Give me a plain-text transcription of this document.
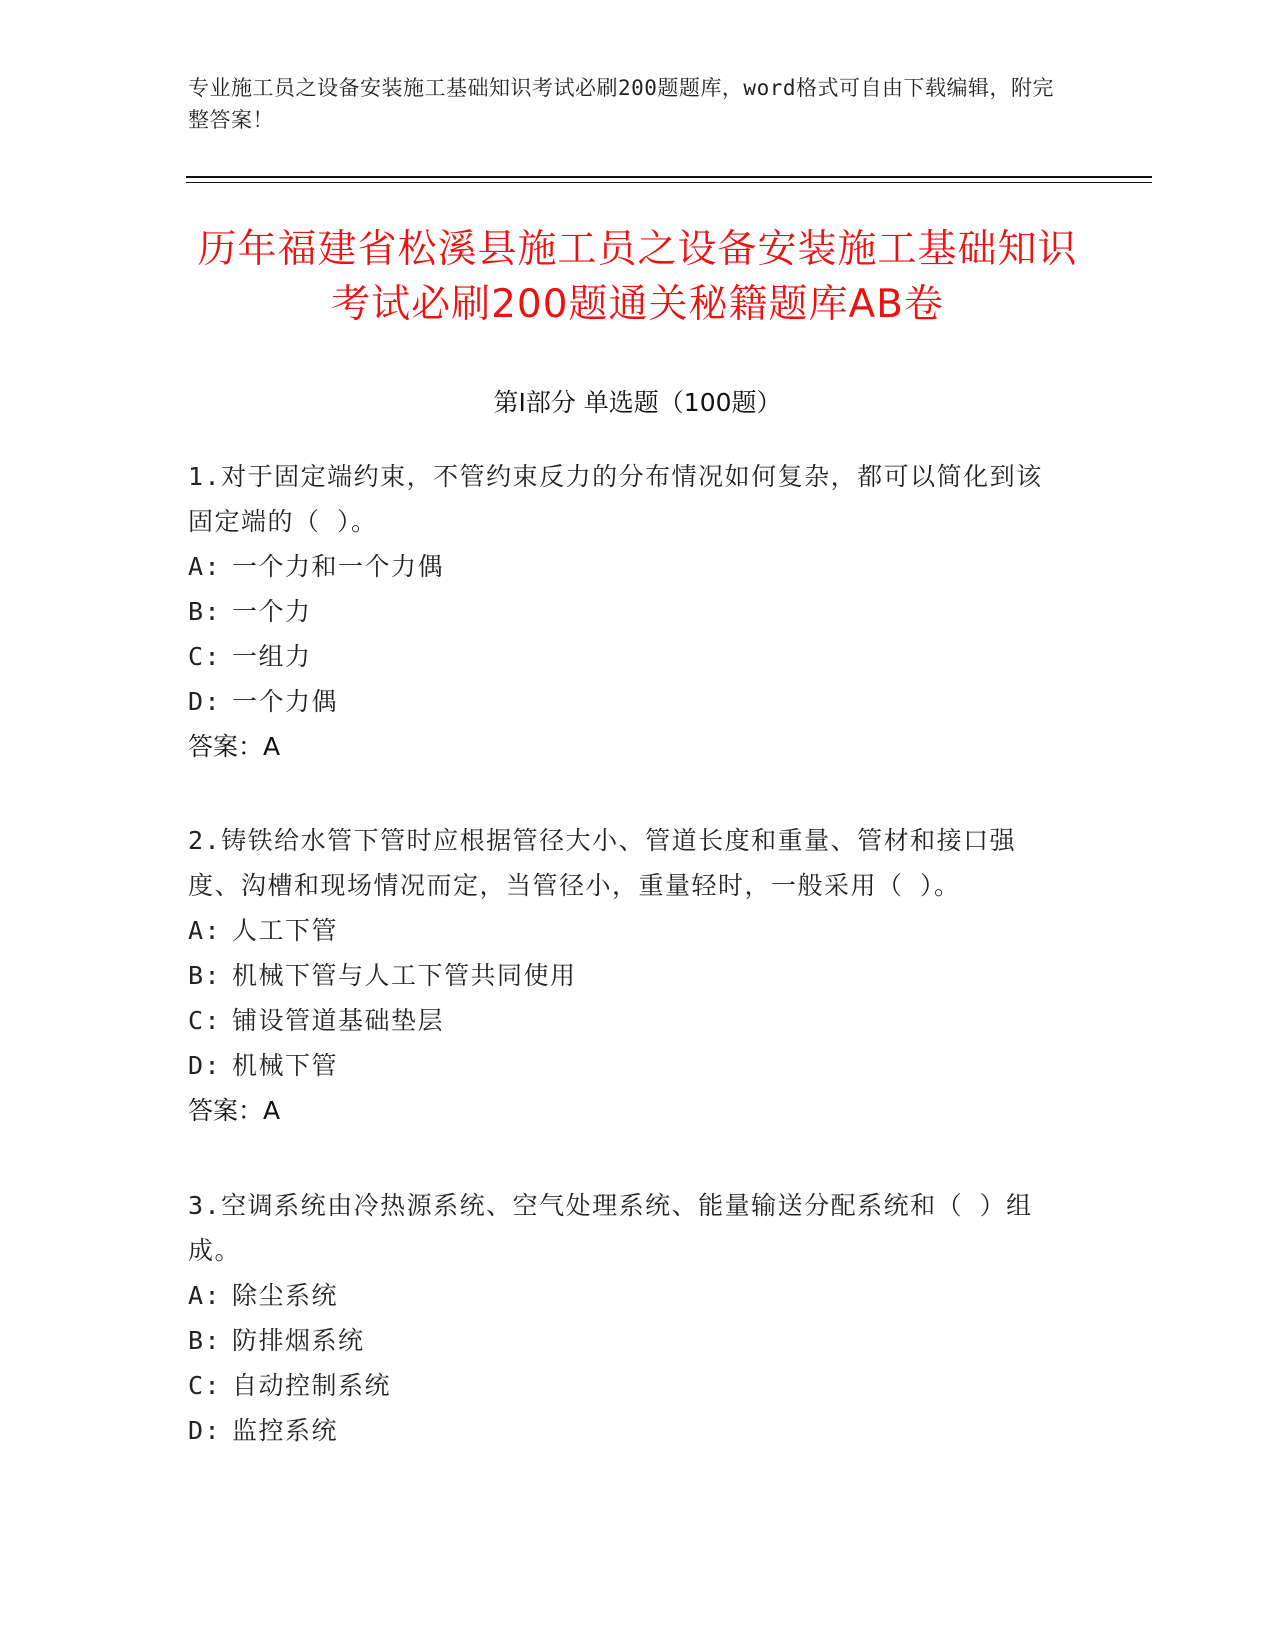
专业施工员之设备安装施工基础知识考试必刷200题题库，word格式可自由下载编辑，附完整答案！
历年福建省松溪县施工员之设备安装施工基础知识考试必刷200题通关秘籍题库AB卷
第I部分 单选题（100题）

1.对于固定端约束，不管约束反力的分布情况如何复杂，都可以简化到该固定端的（ ）。

A: 一个力和一个力偶

B: 一个力

C: 一组力

D: 一个力偶

答案：A

2.铸铁给水管下管时应根据管径大小、管道长度和重量、管材和接口强度、沟槽和现场情况而定，当管径小，重量轻时，一般采用（ ）。

A: 人工下管

B: 机械下管与人工下管共同使用

C: 铺设管道基础垫层

D: 机械下管

答案：A

3.空调系统由冷热源系统、空气处理系统、能量输送分配系统和（ ）组成。

A: 除尘系统

B: 防排烟系统

C: 自动控制系统

D: 监控系统
